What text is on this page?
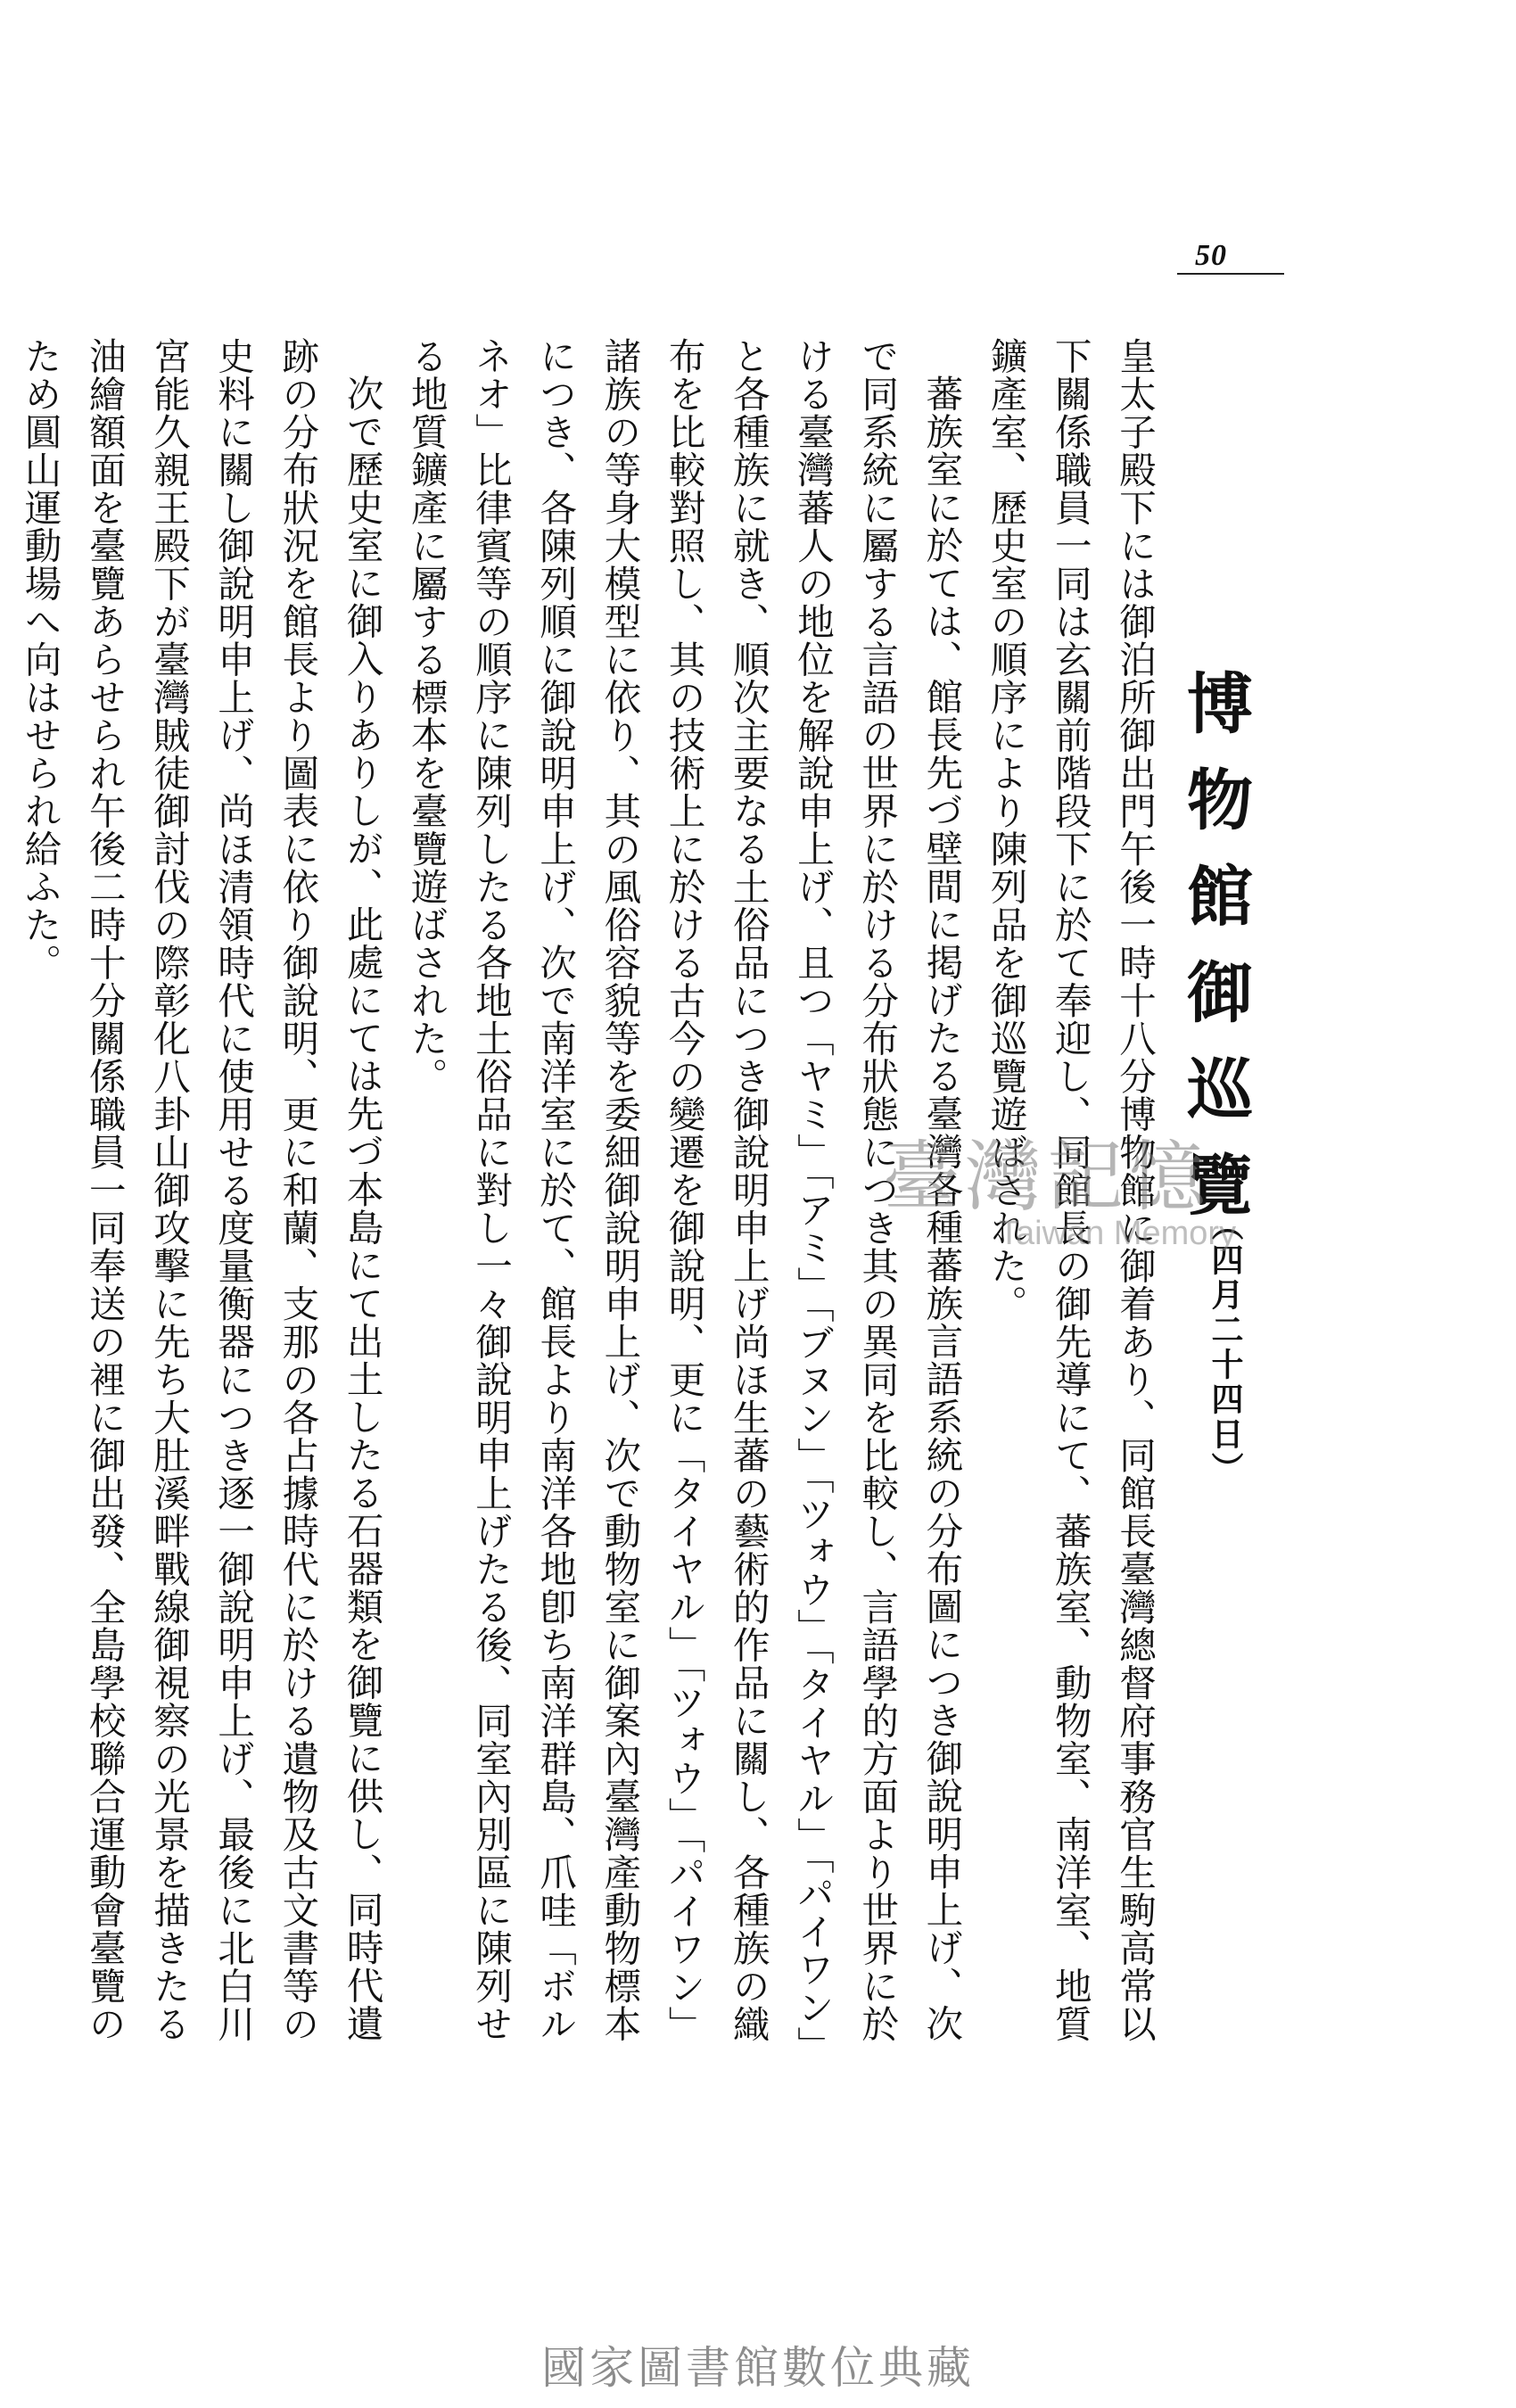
50
博物館御巡覽
（四月二十四日）

皇太子殿下には御泊所御出門午後一時十八分博物館に御着あり、同館長臺灣總督府事務官生駒高常以下關係職員一同は玄關前階段下に於て奉迎し、同館長の御先導にて、蕃族室、動物室、南洋室、地質鑛產室、歷史室の順序により陳列品を御巡覽遊ばされた。

蕃族室に於ては、館長先づ壁間に掲げたる臺灣各種蕃族言語系統の分布圖につき御說明申上げ、次で同系統に屬する言語の世界に於ける分布狀態につき其の異同を比較し、言語學的方面より世界に於ける臺灣蕃人の地位を解說申上げ、且つ「ヤミ」「アミ」「ブヌン」「ツォウ」「タイヤル」「パイワン」と各種族に就き、順次主要なる土俗品につき御說明申上げ尚ほ生蕃の藝術的作品に關し、各種族の織布を比較對照し、其の技術上に於ける古今の變遷を御說明、更に「タイヤル」「ツォウ」「パイワン」諸族の等身大模型に依り、其の風俗容貌等を委細御說明申上げ、次で動物室に御案內臺灣產動物標本につき、各陳列順に御說明申上げ、次で南洋室に於て、館長より南洋各地卽ち南洋群島、爪哇「ボルネオ」比律賓等の順序に陳列したる各地土俗品に對し一々御說明申上げたる後、同室內別區に陳列せる地質鑛產に屬する標本を臺覽遊ばされた。

次で歷史室に御入りありしが、此處にては先づ本島にて出土したる石器類を御覽に供し、同時代遺跡の分布狀況を館長より圖表に依り御說明、更に和蘭、支那の各占據時代に於ける遺物及古文書等の史料に關し御說明申上げ、尚ほ清領時代に使用せる度量衡器につき逐一御說明申上げ、最後に北白川宮能久親王殿下が臺灣賊徒御討伐の際彰化八卦山御攻擊に先ち大肚溪畔戰線御視察の光景を描きたる油繪額面を臺覽あらせられ午後二時十分關係職員一同奉送の裡に御出發、全島學校聯合運動會臺覽のため圓山運動場へ向はせられ給ふた。

臺灣記憶
Taiwan Memory
國家圖書館數位典藏
